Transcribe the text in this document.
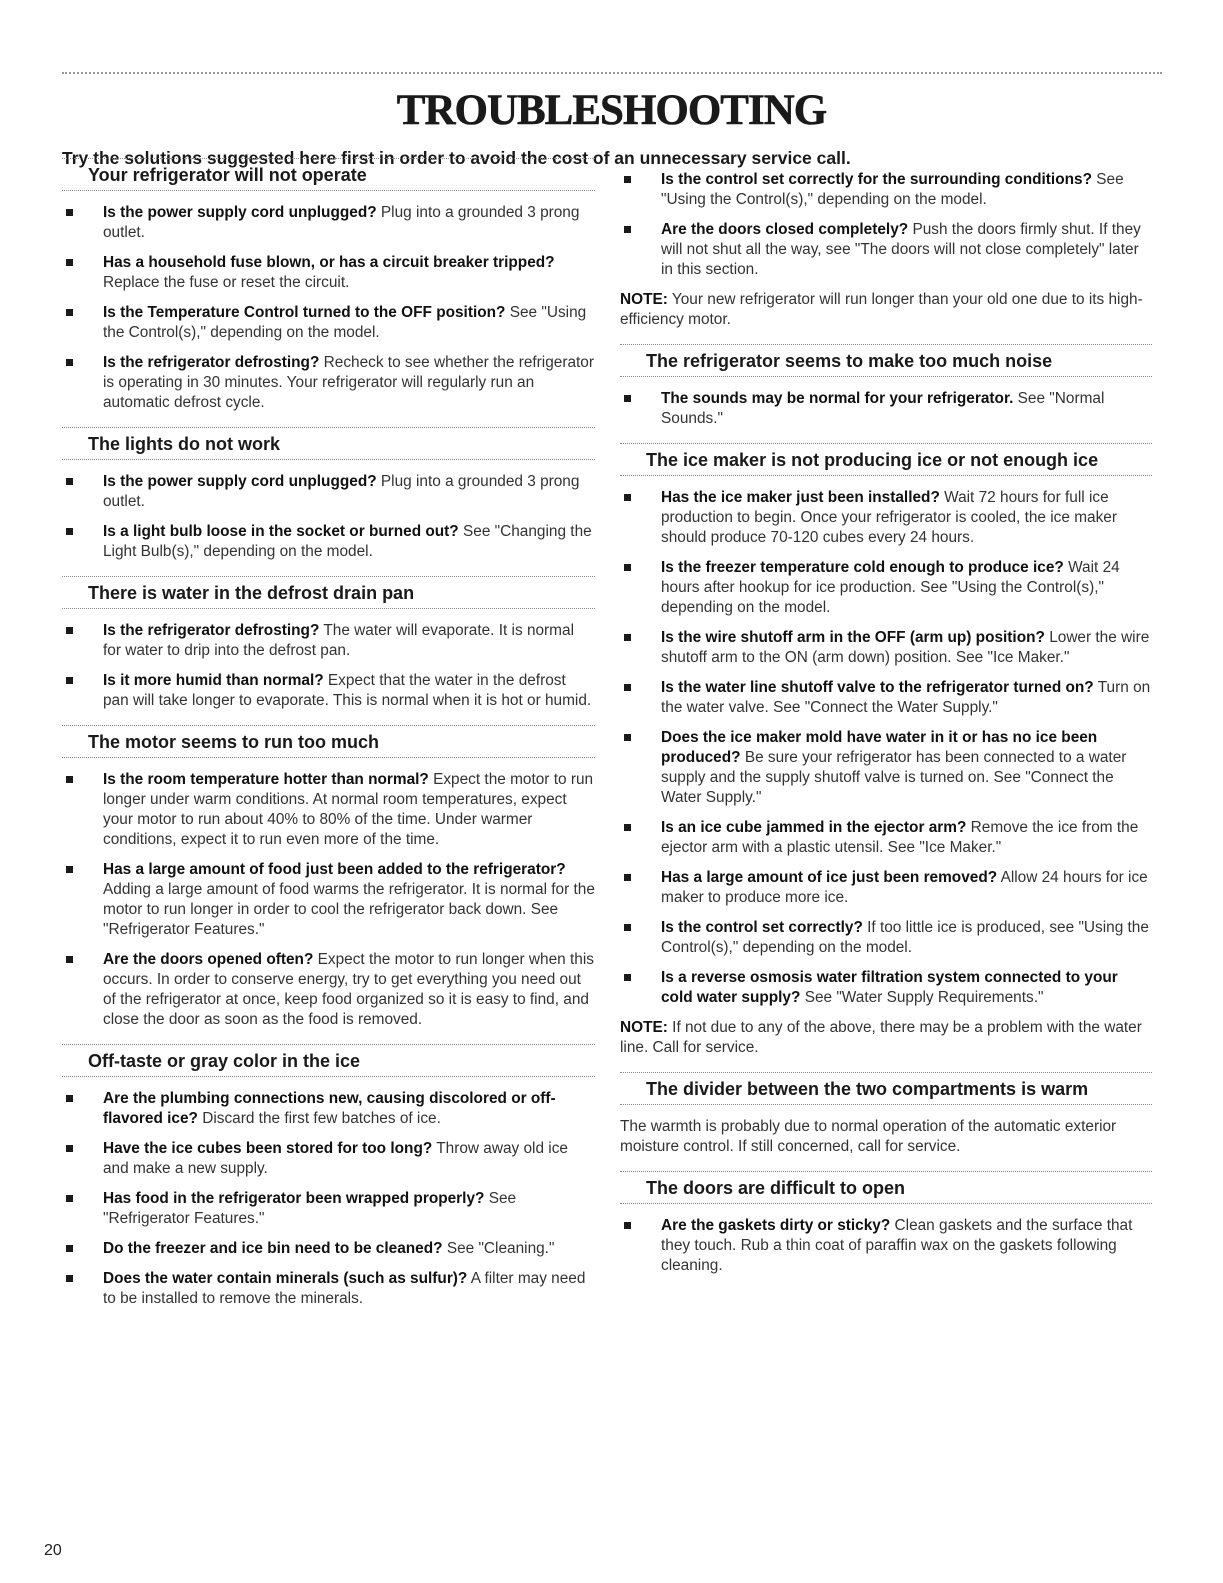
TROUBLESHOOTING

Try the solutions suggested here first in order to avoid the cost of an unnecessary service call.

Your refrigerator will not operate
Is the power supply cord unplugged? Plug into a grounded 3 prong outlet.
Has a household fuse blown, or has a circuit breaker tripped? Replace the fuse or reset the circuit.
Is the Temperature Control turned to the OFF position? See "Using the Control(s)," depending on the model.
Is the refrigerator defrosting? Recheck to see whether the refrigerator is operating in 30 minutes. Your refrigerator will regularly run an automatic defrost cycle.
The lights do not work
Is the power supply cord unplugged? Plug into a grounded 3 prong outlet.
Is a light bulb loose in the socket or burned out? See "Changing the Light Bulb(s)," depending on the model.
There is water in the defrost drain pan
Is the refrigerator defrosting? The water will evaporate. It is normal for water to drip into the defrost pan.
Is it more humid than normal? Expect that the water in the defrost pan will take longer to evaporate. This is normal when it is hot or humid.
The motor seems to run too much
Is the room temperature hotter than normal? Expect the motor to run longer under warm conditions. At normal room temperatures, expect your motor to run about 40% to 80% of the time. Under warmer conditions, expect it to run even more of the time.
Has a large amount of food just been added to the refrigerator? Adding a large amount of food warms the refrigerator. It is normal for the motor to run longer in order to cool the refrigerator back down. See "Refrigerator Features."
Are the doors opened often? Expect the motor to run longer when this occurs. In order to conserve energy, try to get everything you need out of the refrigerator at once, keep food organized so it is easy to find, and close the door as soon as the food is removed.
Off-taste or gray color in the ice
Are the plumbing connections new, causing discolored or off-flavored ice? Discard the first few batches of ice.
Have the ice cubes been stored for too long? Throw away old ice and make a new supply.
Has food in the refrigerator been wrapped properly? See "Refrigerator Features."
Do the freezer and ice bin need to be cleaned? See "Cleaning."
Does the water contain minerals (such as sulfur)? A filter may need to be installed to remove the minerals.
Is the control set correctly for the surrounding conditions? See "Using the Control(s)," depending on the model.
Are the doors closed completely? Push the doors firmly shut. If they will not shut all the way, see "The doors will not close completely" later in this section.

NOTE: Your new refrigerator will run longer than your old one due to its high-efficiency motor.

The refrigerator seems to make too much noise
The sounds may be normal for your refrigerator. See "Normal Sounds."
The ice maker is not producing ice or not enough ice
Has the ice maker just been installed? Wait 72 hours for full ice production to begin. Once your refrigerator is cooled, the ice maker should produce 70-120 cubes every 24 hours.
Is the freezer temperature cold enough to produce ice? Wait 24 hours after hookup for ice production. See "Using the Control(s)," depending on the model.
Is the wire shutoff arm in the OFF (arm up) position? Lower the wire shutoff arm to the ON (arm down) position. See "Ice Maker."
Is the water line shutoff valve to the refrigerator turned on? Turn on the water valve. See "Connect the Water Supply."
Does the ice maker mold have water in it or has no ice been produced? Be sure your refrigerator has been connected to a water supply and the supply shutoff valve is turned on. See "Connect the Water Supply."
Is an ice cube jammed in the ejector arm? Remove the ice from the ejector arm with a plastic utensil. See "Ice Maker."
Has a large amount of ice just been removed? Allow 24 hours for ice maker to produce more ice.
Is the control set correctly? If too little ice is produced, see "Using the Control(s)," depending on the model.
Is a reverse osmosis water filtration system connected to your cold water supply? See "Water Supply Requirements."

NOTE: If not due to any of the above, there may be a problem with the water line. Call for service.

The divider between the two compartments is warm

The warmth is probably due to normal operation of the automatic exterior moisture control. If still concerned, call for service.

The doors are difficult to open
Are the gaskets dirty or sticky? Clean gaskets and the surface that they touch. Rub a thin coat of paraffin wax on the gaskets following cleaning.
20
